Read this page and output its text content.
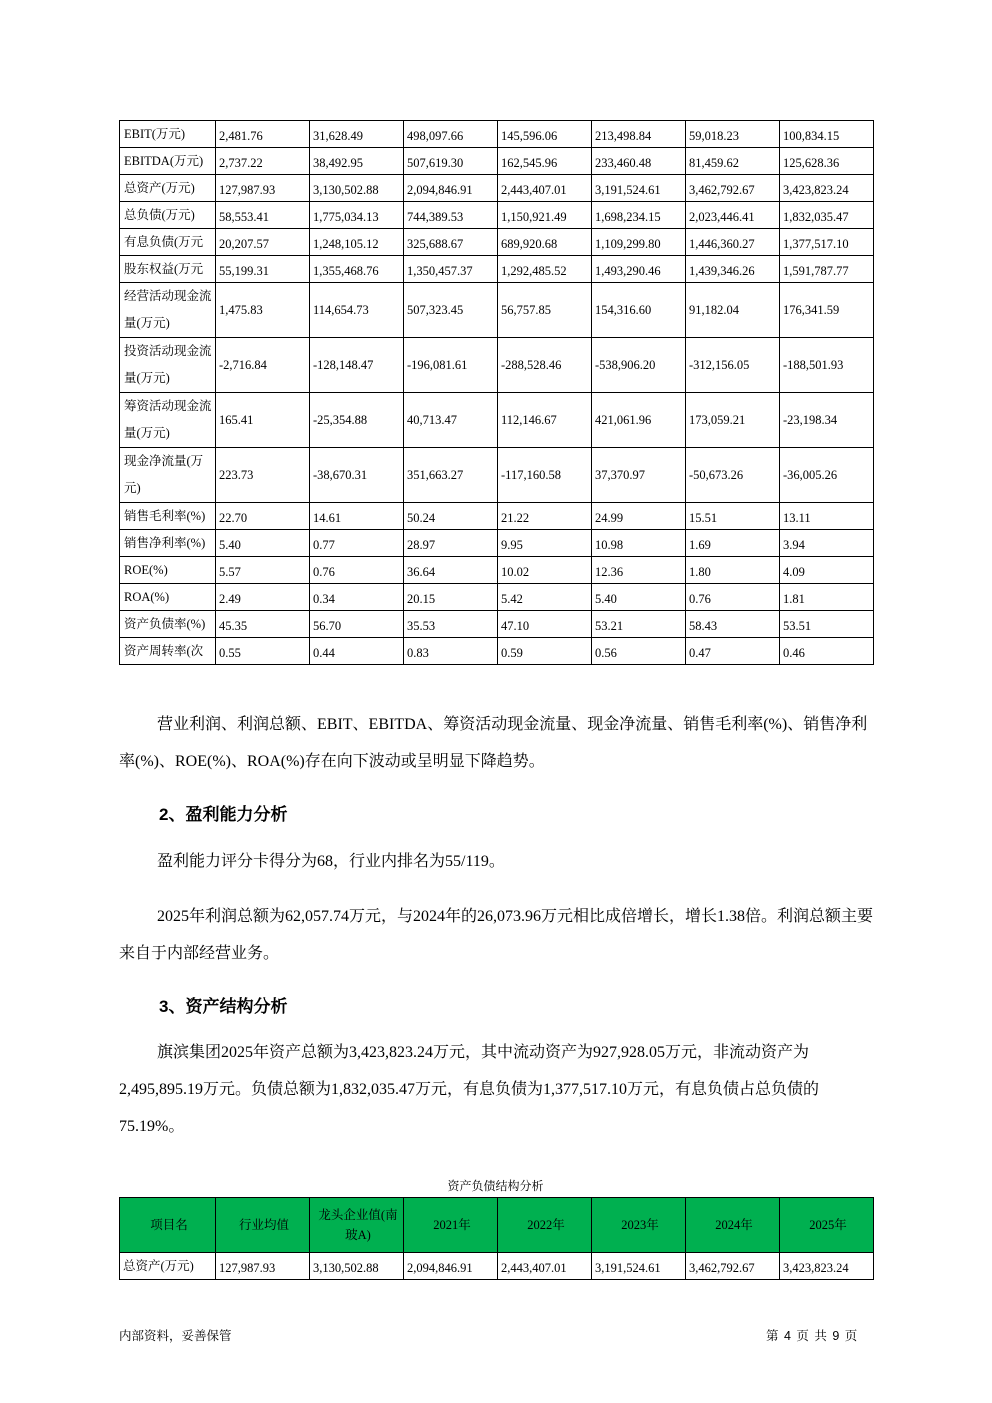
EBIT(万元)	2,481.76	31,628.49	498,097.66	145,596.06	213,498.84	59,018.23	100,834.15
EBITDA(万元)	2,737.22	38,492.95	507,619.30	162,545.96	233,460.48	81,459.62	125,628.36
总资产(万元)	127,987.93	3,130,502.88	2,094,846.91	2,443,407.01	3,191,524.61	3,462,792.67	3,423,823.24
总负债(万元)	58,553.41	1,775,034.13	744,389.53	1,150,921.49	1,698,234.15	2,023,446.41	1,832,035.47
有息负债(万元	20,207.57	1,248,105.12	325,688.67	689,920.68	1,109,299.80	1,446,360.27	1,377,517.10
股东权益(万元	55,199.31	1,355,468.76	1,350,457.37	1,292,485.52	1,493,290.46	1,439,346.26	1,591,787.77
经营活动现金流量(万元)	1,475.83	114,654.73	507,323.45	56,757.85	154,316.60	91,182.04	176,341.59
投资活动现金流量(万元)	-2,716.84	-128,148.47	-196,081.61	-288,528.46	-538,906.20	-312,156.05	-188,501.93
筹资活动现金流量(万元)	165.41	-25,354.88	40,713.47	112,146.67	421,061.96	173,059.21	-23,198.34
现金净流量(万元)	223.73	-38,670.31	351,663.27	-117,160.58	37,370.97	-50,673.26	-36,005.26
销售毛利率(%)	22.70	14.61	50.24	21.22	24.99	15.51	13.11
销售净利率(%)	5.40	0.77	28.97	9.95	10.98	1.69	3.94
ROE(%)	5.57	0.76	36.64	10.02	12.36	1.80	4.09
ROA(%)	2.49	0.34	20.15	5.42	5.40	0.76	1.81
资产负债率(%)	45.35	56.70	35.53	47.10	53.21	58.43	53.51
资产周转率(次	0.55	0.44	0.83	0.59	0.56	0.47	0.46

营业利润、利润总额、EBIT、EBITDA、筹资活动现金流量、现金净流量、销售毛利率(%)、销售净利率(%)、ROE(%)、ROA(%)存在向下波动或呈明显下降趋势。

2、盈利能力分析

盈利能力评分卡得分为68，行业内排名为55/119。

2025年利润总额为62,057.74万元，与2024年的26,073.96万元相比成倍增长，增长1.38倍。利润总额主要来自于内部经营业务。

3、资产结构分析

旗滨集团2025年资产总额为3,423,823.24万元，其中流动资产为927,928.05万元，非流动资产为2,495,895.19万元。负债总额为1,832,035.47万元，有息负债为1,377,517.10万元，有息负债占总负债的75.19%。

资产负债结构分析
项目名	行业均值	龙头企业值(南玻A)	2021年	2022年	2023年	2024年	2025年
总资产(万元)	127,987.93	3,130,502.88	2,094,846.91	2,443,407.01	3,191,524.61	3,462,792.67	3,423,823.24
内部资料，妥善保管	第 4 页 共 9 页
